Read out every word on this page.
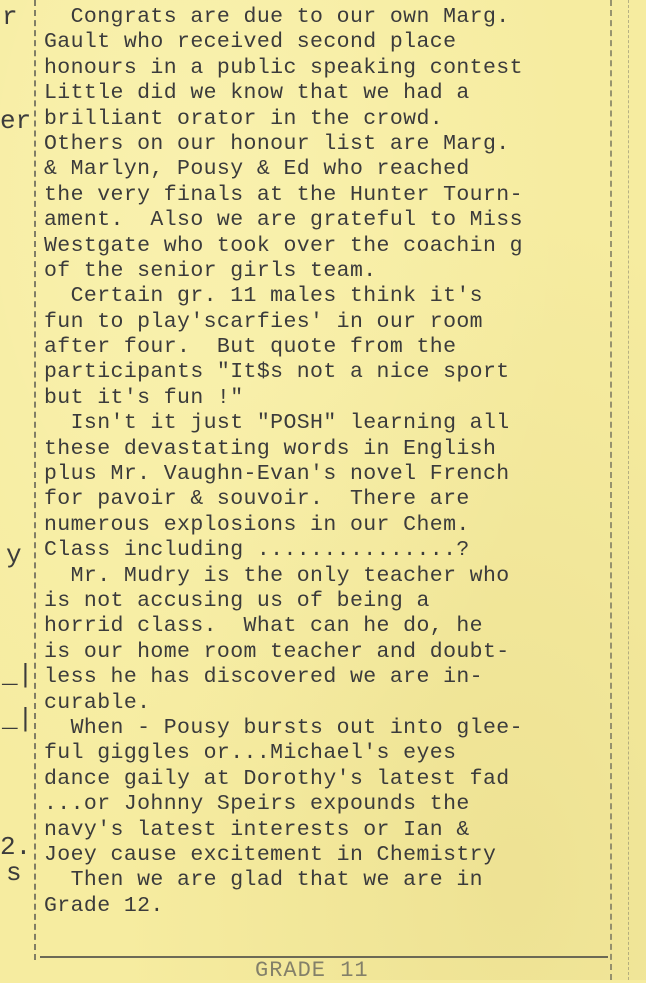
r
er
y
_|
_|
2.
s
Congrats are due to our own Marg.
Gault who received second place
honours in a public speaking contest
Little did we know that we had a
brilliant orator in the crowd.
Others on our honour list are Marg.
& Marlyn, Pousy & Ed who reached
the very finals at the Hunter Tourn-
ament.  Also we are grateful to Miss
Westgate who took over the coachin g
of the senior girls team.
Certain gr. 11 males think it's
fun to play'scarfies' in our room
after four.  But quote from the
participants "It$s not a nice sport
but it's fun !"
Isn't it just "POSH" learning all
these devastating words in English
plus Mr. Vaughn-Evan's novel French
for pavoir & souvoir.  There are
numerous explosions in our Chem.
Class including ...............?
Mr. Mudry is the only teacher who
is not accusing us of being a
horrid class.  What can he do, he
is our home room teacher and doubt-
less he has discovered we are in-
curable.
When - Pousy bursts out into glee-
ful giggles or...Michael's eyes
dance gaily at Dorothy's latest fad
...or Johnny Speirs expounds the
navy's latest interests or Ian &
Joey cause excitement in Chemistry
Then we are glad that we are in
Grade 12.
GRADE 11
